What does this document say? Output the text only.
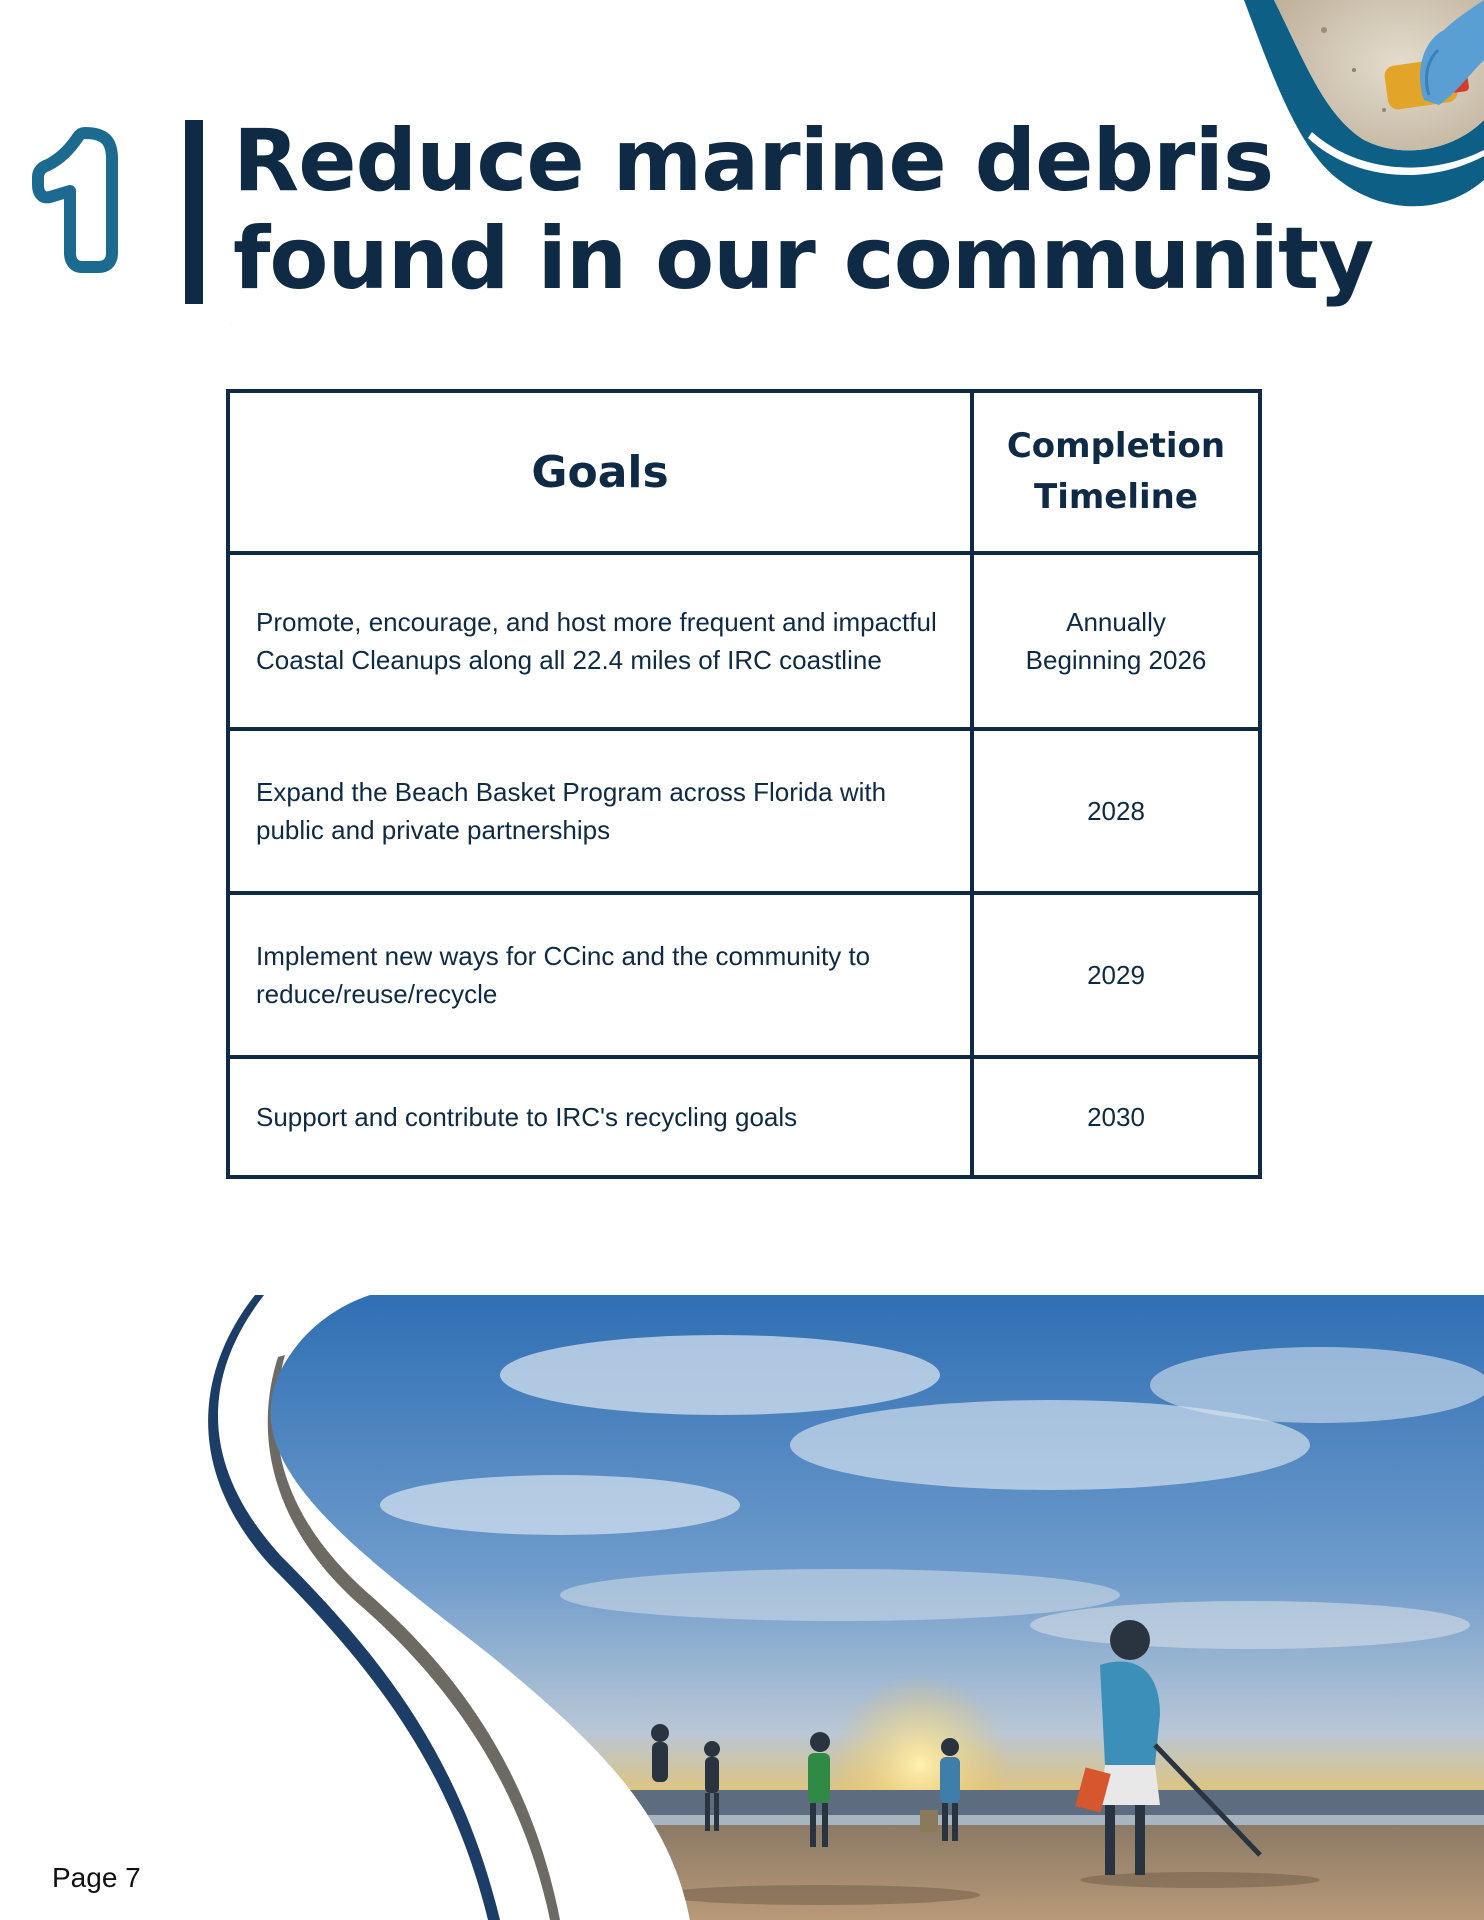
1
Reduce marine debris
found in our community
Goals	Completion
Timeline
Promote, encourage, and host more frequent and impactful Coastal Cleanups along all 22.4 miles of IRC coastline	Annually
Beginning 2026
Expand the Beach Basket Program across Florida with public and private partnerships	2028
Implement new ways for CCinc and the community to reduce/reuse/recycle	2029
Support and contribute to IRC's recycling goals	2030
Page 7
